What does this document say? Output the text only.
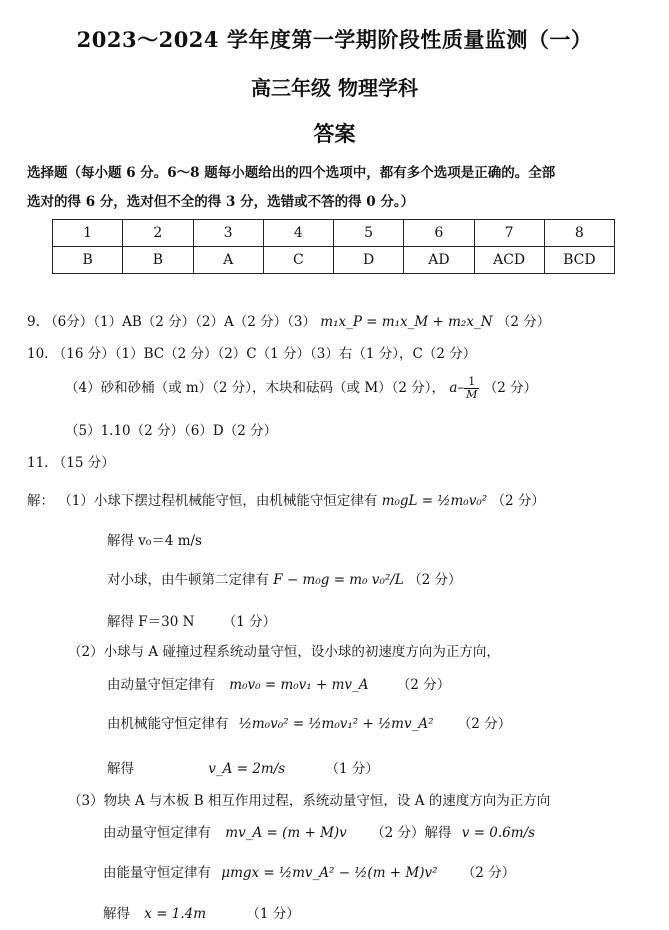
2023～2024 学年度第一学期阶段性质量监测（一）
高三年级 物理学科
答案
选择题（每小题 6 分。6～8 题每小题给出的四个选项中，都有多个选项是正确的。全部
选对的得 6 分，选对但不全的得 3 分，选错或不答的得 0 分。）
1	2	3	4	5	6	7	8
B	B	A	C	D	AD	ACD	BCD
9. （6分）（1）AB（2 分）（2）A（2 分）（3） m₁x_P = m₁x_M + m₂x_N （2 分）
10. （16 分）（1）BC（2 分）（2）C（1 分）（3）右（1 分），C（2 分）
（4）砂和砂桶（或 m）（2 分），木块和砝码（或 M）（2 分）， $a- \frac{1}{M} (2$ 分）
（5）1.10（2 分）（6）D（2 分）
11. （15 分）
解： （1）小球下摆过程机械能守恒，由机械能守恒定律有 m₀gL = ½m₀v₀² （2 分）
解得 v₀＝4 m/s
对小球，由牛顿第二定律有 F − m₀g = m₀ v₀²/L （2 分）
解得 F＝30 N （1 分）
（2）小球与 A 碰撞过程系统动量守恒，设小球的初速度方向为正方向，
由动量守恒定律有 m₀v₀ = m₀v₁ + mv_A （2 分）
由机械能守恒定律有 ½m₀v₀² = ½m₀v₁² + ½mv_A² （2 分）
解得	v_A = 2m/s	（1 分）
（3）物块 A 与木板 B 相互作用过程，系统动量守恒，设 A 的速度方向为正方向
由动量守恒定律有 mv_A = (m + M)v （2 分）解得 v = 0.6m/s
由能量守恒定律有 μmgx = ½mv_A² − ½(m + M)v² （2 分）
解得 x = 1.4m	（1 分）
